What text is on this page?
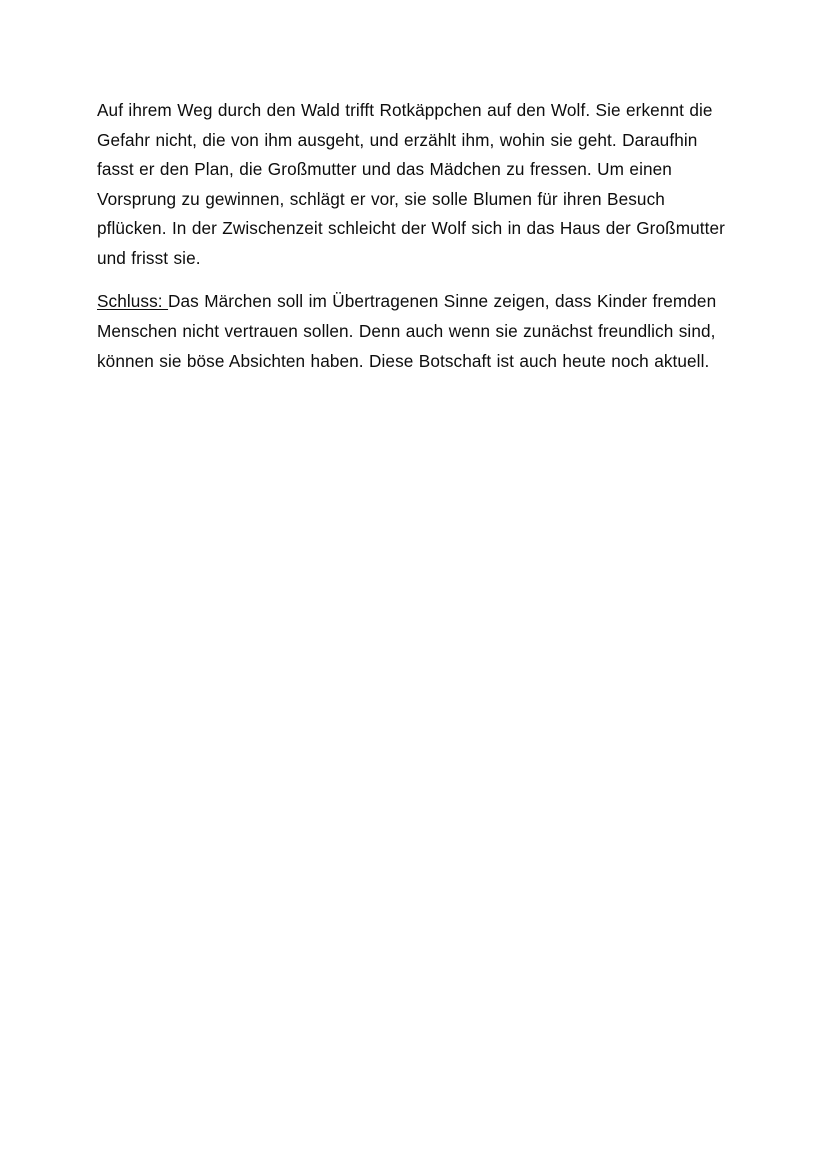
Auf ihrem Weg durch den Wald trifft Rotkäppchen auf den Wolf. Sie erkennt die Gefahr nicht, die von ihm ausgeht, und erzählt ihm, wohin sie geht. Daraufhin fasst er den Plan, die Großmutter und das Mädchen zu fressen. Um einen Vorsprung zu gewinnen, schlägt er vor, sie solle Blumen für ihren Besuch pflücken. In der Zwischenzeit schleicht der Wolf sich in das Haus der Großmutter und frisst sie.

Schluss: Das Märchen soll im Übertragenen Sinne zeigen, dass Kinder fremden Menschen nicht vertrauen sollen. Denn auch wenn sie zunächst freundlich sind, können sie böse Absichten haben. Diese Botschaft ist auch heute noch aktuell.
